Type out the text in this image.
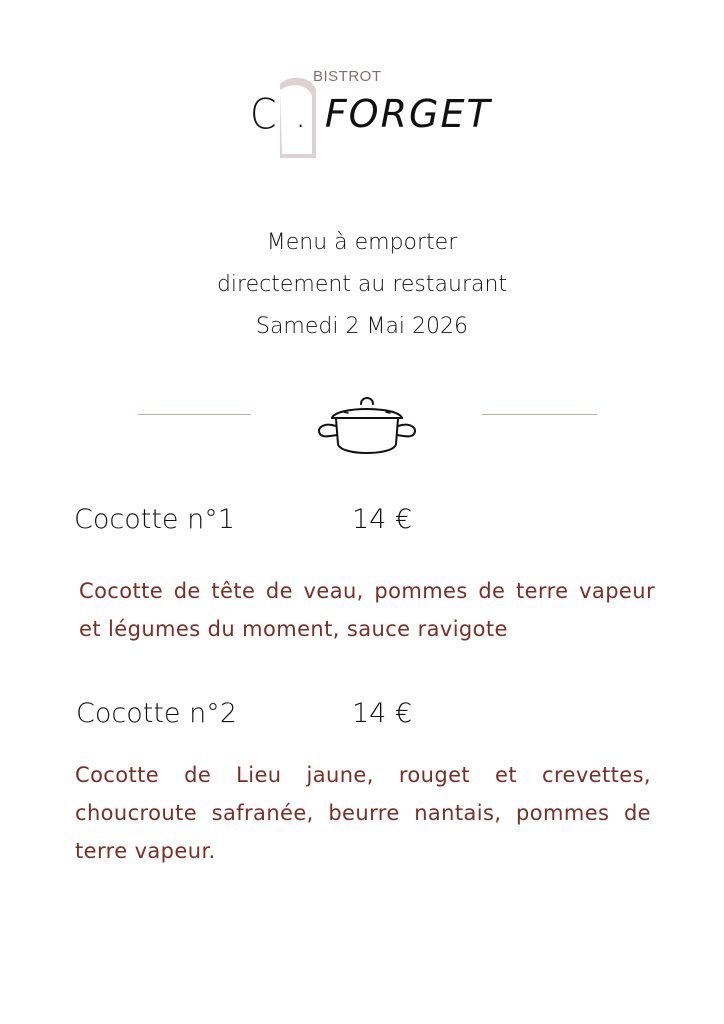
BISTROT
C . FORGET
Menu à emporter
directement au restaurant
Samedi 2 Mai 2026
Cocotte n°1	14 €
Cocotte de tête de veau, pommes de terre vapeur et légumes du moment, sauce ravigote
Cocotte n°2	14 €
Cocotte de Lieu jaune, rouget et crevettes, choucroute safranée, beurre nantais, pommes de terre vapeur.
